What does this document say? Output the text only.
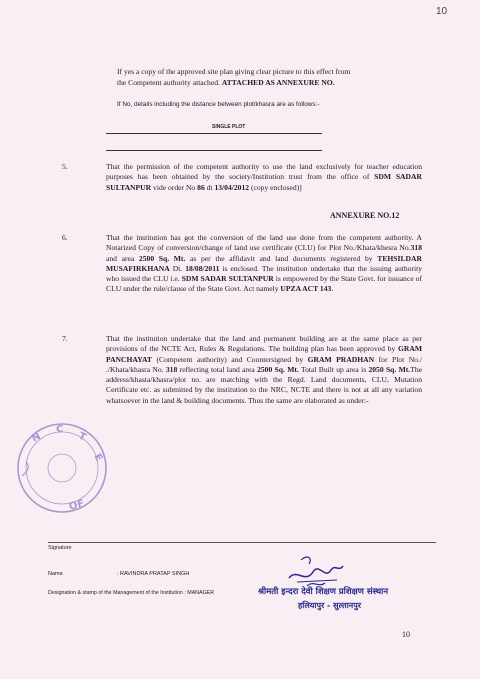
10
If yes a copy of the approved site plan giving clear picture to this effect from
the Competent authority attached. ATTACHED AS ANNEXURE NO.
If No, details including the distance between plot/khasra are as follows:-
SINGLE PLOT
5.	That the permission of the competent authority to use the land exclusively for teacher education purposes has been obtained by the society/Institution trust from the office of SDM SADAR SULTANPUR vide order No 86 dt 13/04/2012 (copy enclosed)]
ANNEXURE NO.12
6.	That the institution has got the conversion of the land use done from the competent authority. A Notarized Copy of conversion/change of land use certificate (CLU) for Plot No./Khata/khesra No.318 and area 2500 Sq. Mt. as per the affidavit and land documents registered by TEHSILDAR MUSAFIRKHANA Dt. 18/08/2011 is enclosed. The institution undertake that the issuing authority who issued the CLU i.e. SDM SADAR SULTANPUR is empowered by the State Govt. for issuance of CLU under the rule/clause of the State Govt. Act namely UPZA ACT 143.
7.	That the institution undertake that the land and permanent building are at the same place as per provisions of the NCTE Act, Rules & Regulations. The building plan has been approved by GRAM PANCHAYAT (Competent authority) and Countersigned by GRAM PRADHAN for Plot No./ ./Khata/khasra No. 318 reflecting total land area 2500 Sq. Mt. Total Built up area is 2050 Sq. Mt.The address/khasta/khasra/plot no. are matching with the Regd. Land documents, CLU, Mutation Certificate etc. as submitted by the institution to the NRC, NCTE and there is not at all any variation whatsoever in the land & building documents. Thus the same are elaborated as under:-
N
C
T
E
OF
Signature
Name	: RAVINDRA PRATAP SINGH
Designation & stamp of the Management of the Institution : MANAGER	श्रीमती इन्दरा देवी शिक्षण प्रशिक्षण संस्थान
हलियापुर - सुल्तानपुर
10
